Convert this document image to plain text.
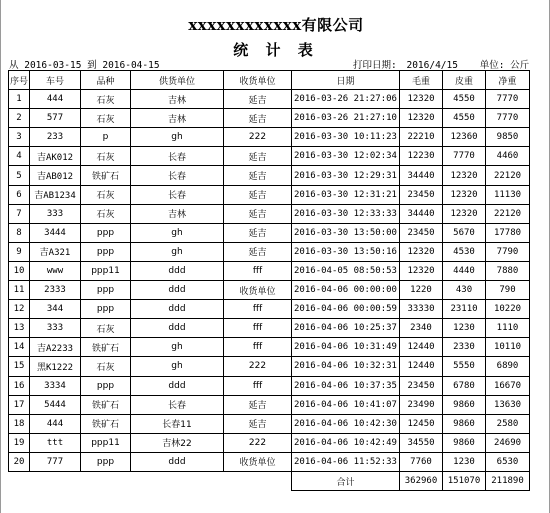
xxxxxxxxxxxx有限公司
统 计 表
从 2016-03-15 到 2016-04-15	打印日期: 2016/4/15 单位: 公斤
序号	车号	品种	供货单位	收货单位	日期	毛重	皮重	净重
1	444	石灰	吉林	延吉	2016-03-26 21:27:06	12320	4550	7770
2	577	石灰	吉林	延吉	2016-03-26 21:27:10	12320	4550	7770
3	233	p	gh	222	2016-03-30 10:11:23	22210	12360	9850
4	吉AK012	石灰	长春	延吉	2016-03-30 12:02:34	12230	7770	4460
5	吉AB012	铁矿石	长春	延吉	2016-03-30 12:29:31	34440	12320	22120
6	吉AB1234	石灰	长春	延吉	2016-03-30 12:31:21	23450	12320	11130
7	333	石灰	吉林	延吉	2016-03-30 12:33:33	34440	12320	22120
8	3444	ppp	gh	延吉	2016-03-30 13:50:00	23450	5670	17780
9	吉A321	ppp	gh	延吉	2016-03-30 13:50:16	12320	4530	7790
10	www	ppp11	ddd	fff	2016-04-05 08:50:53	12320	4440	7880
11	2333	ppp	ddd	收货单位	2016-04-06 00:00:00	1220	430	790
12	344	ppp	ddd	fff	2016-04-06 00:00:59	33330	23110	10220
13	333	石灰	ddd	fff	2016-04-06 10:25:37	2340	1230	1110
14	吉A2233	铁矿石	gh	fff	2016-04-06 10:31:49	12440	2330	10110
15	黑K1222	石灰	gh	222	2016-04-06 10:32:31	12440	5550	6890
16	3334	ppp	ddd	fff	2016-04-06 10:37:35	23450	6780	16670
17	5444	铁矿石	长春	延吉	2016-04-06 10:41:07	23490	9860	13630
18	444	铁矿石	长春11	延吉	2016-04-06 10:42:30	12450	9860	2580
19	ttt	ppp11	吉林22	222	2016-04-06 10:42:49	34550	9860	24690
20	777	ppp	ddd	收货单位	2016-04-06 11:52:33	7760	1230	6530
					合计	362960	151070	211890
